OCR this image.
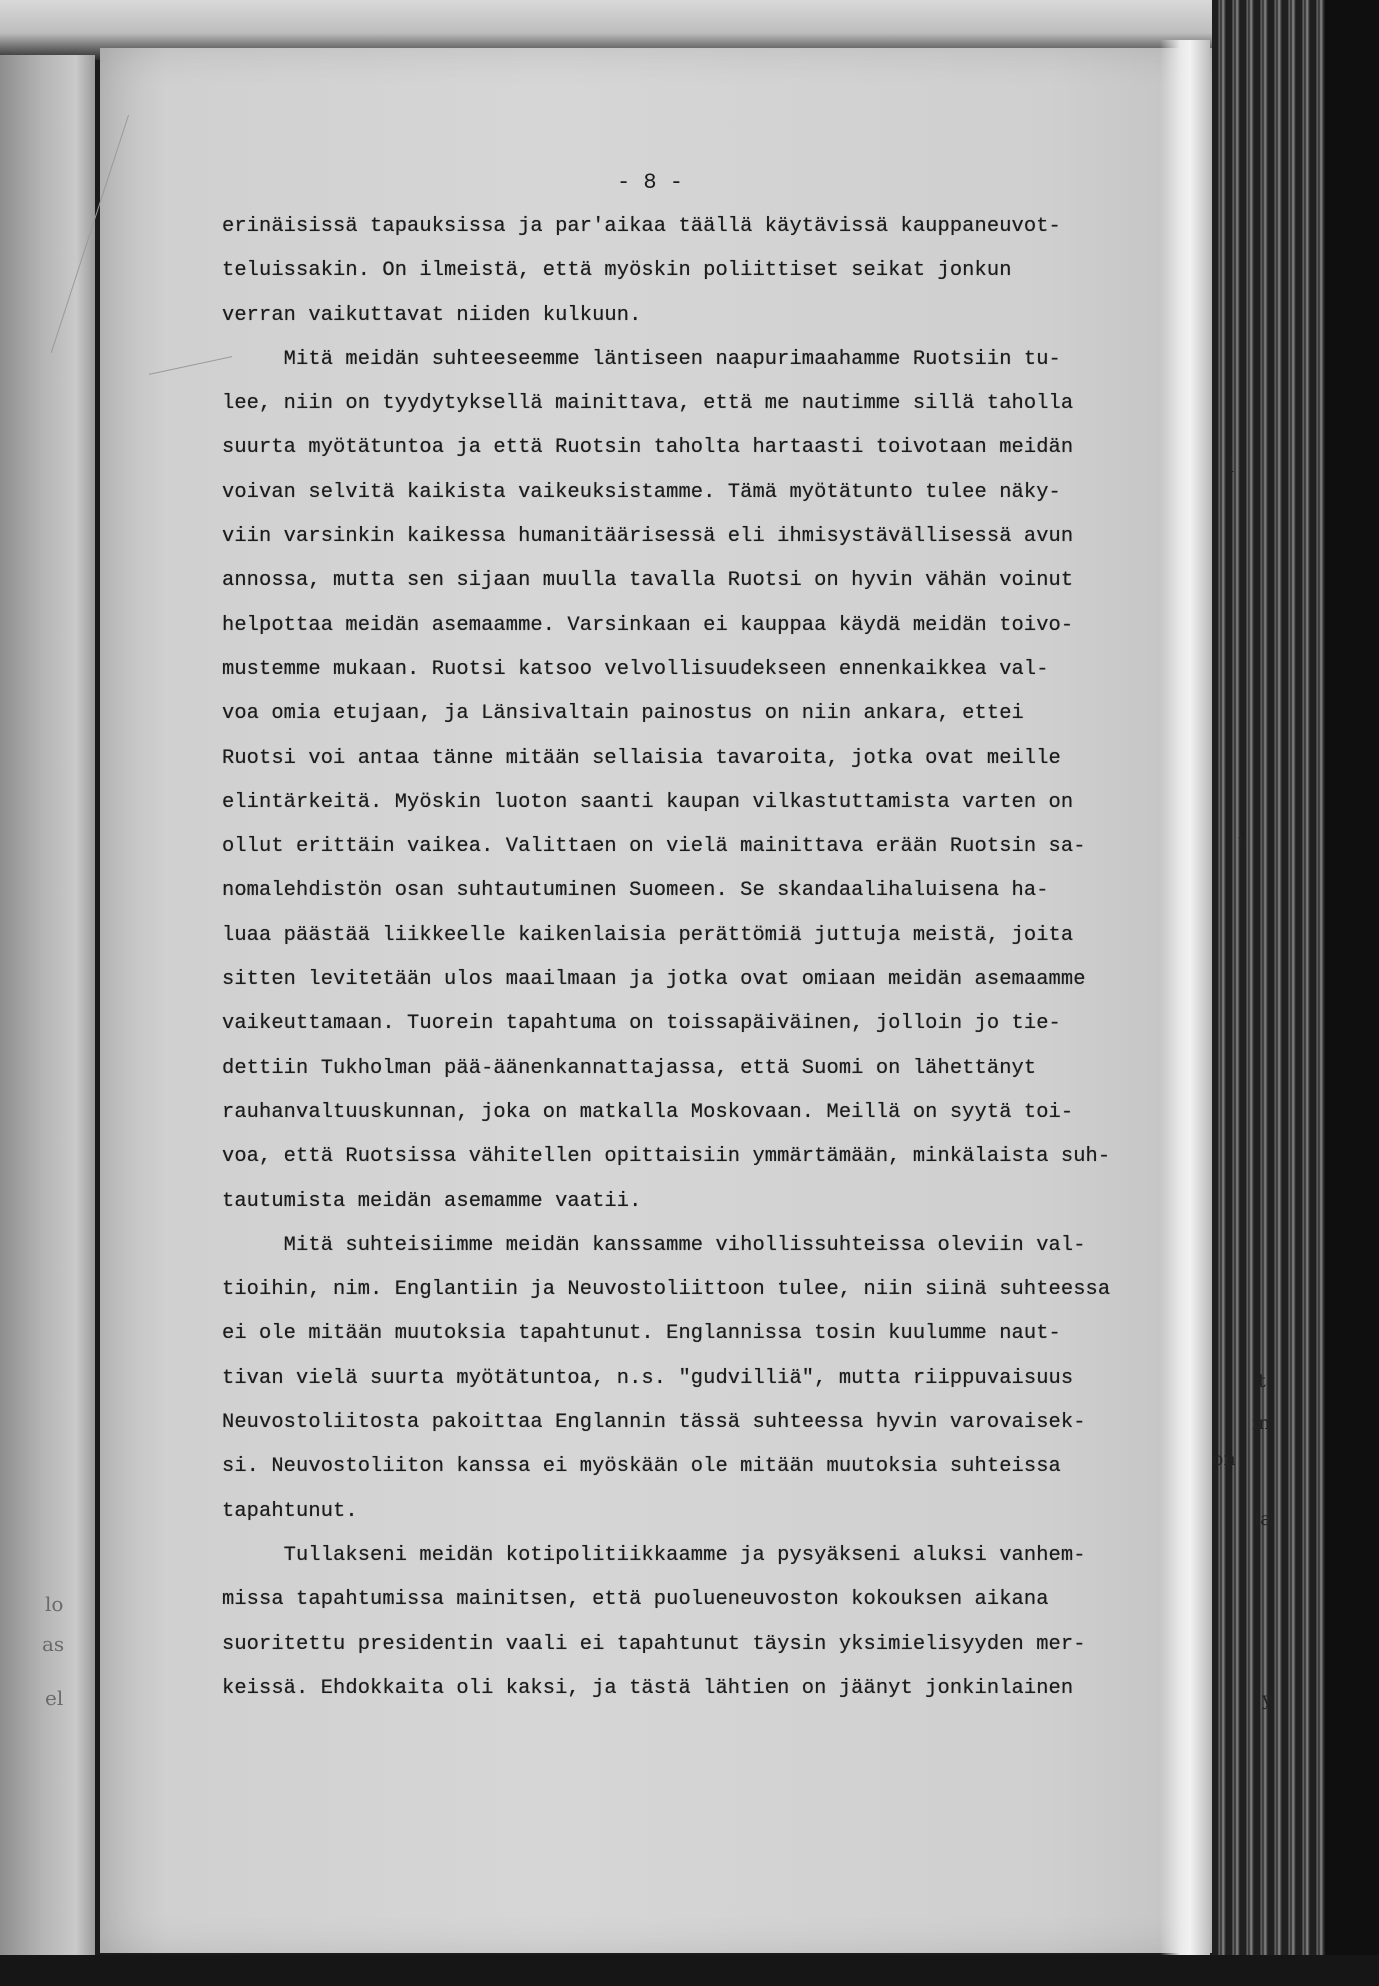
- 8 -
erinäisissä tapauksissa ja par'aikaa täällä käytävissä kauppaneuvot-
teluissakin. On ilmeistä, että myöskin poliittiset seikat jonkun
verran vaikuttavat niiden kulkuun.
Mitä meidän suhteeseemme läntiseen naapurimaahamme Ruotsiin tu-
lee, niin on tyydytyksellä mainittava, että me nautimme sillä taholla
suurta myötätuntoa ja että Ruotsin taholta hartaasti toivotaan meidän
voivan selvitä kaikista vaikeuksistamme. Tämä myötätunto tulee näky-
viin varsinkin kaikessa humanitäärisessä eli ihmisystävällisessä avun
annossa, mutta sen sijaan muulla tavalla Ruotsi on hyvin vähän voinut
helpottaa meidän asemaamme. Varsinkaan ei kauppaa käydä meidän toivo-
mustemme mukaan. Ruotsi katsoo velvollisuudekseen ennenkaikkea val-
voa omia etujaan, ja Länsivaltain painostus on niin ankara, ettei
Ruotsi voi antaa tänne mitään sellaisia tavaroita, jotka ovat meille
elintärkeitä. Myöskin luoton saanti kaupan vilkastuttamista varten on
ollut erittäin vaikea. Valittaen on vielä mainittava erään Ruotsin sa-
nomalehdistön osan suhtautuminen Suomeen. Se skandaalihaluisena ha-
luaa päästää liikkeelle kaikenlaisia perättömiä juttuja meistä, joita
sitten levitetään ulos maailmaan ja jotka ovat omiaan meidän asemaamme
vaikeuttamaan. Tuorein tapahtuma on toissapäiväinen, jolloin jo tie-
dettiin Tukholman pää-äänenkannattajassa, että Suomi on lähettänyt
rauhanvaltuuskunnan, joka on matkalla Moskovaan. Meillä on syytä toi-
voa, että Ruotsissa vähitellen opittaisiin ymmärtämään, minkälaista suh-
tautumista meidän asemamme vaatii.
Mitä suhteisiimme meidän kanssamme vihollissuhteissa oleviin val-
tioihin, nim. Englantiin ja Neuvostoliittoon tulee, niin siinä suhteessa
ei ole mitään muutoksia tapahtunut. Englannissa tosin kuulumme naut-
tivan vielä suurta myötätuntoa, n.s. "gudvilliä", mutta riippuvaisuus
Neuvostoliitosta pakoittaa Englannin tässä suhteessa hyvin varovaisek-
si. Neuvostoliiton kanssa ei myöskään ole mitään muutoksia suhteissa
tapahtunut.
Tullakseni meidän kotipolitiikkaamme ja pysyäkseni aluksi vanhem-
missa tapahtumissa mainitsen, että puolueneuvoston kokouksen aikana
suoritettu presidentin vaali ei tapahtunut täysin yksimielisyyden mer-
keissä. Ehdokkaita oli kaksi, ja tästä lähtien on jäänyt jonkinlainen
l
t
t
in
on
la
y
lo
as
el
